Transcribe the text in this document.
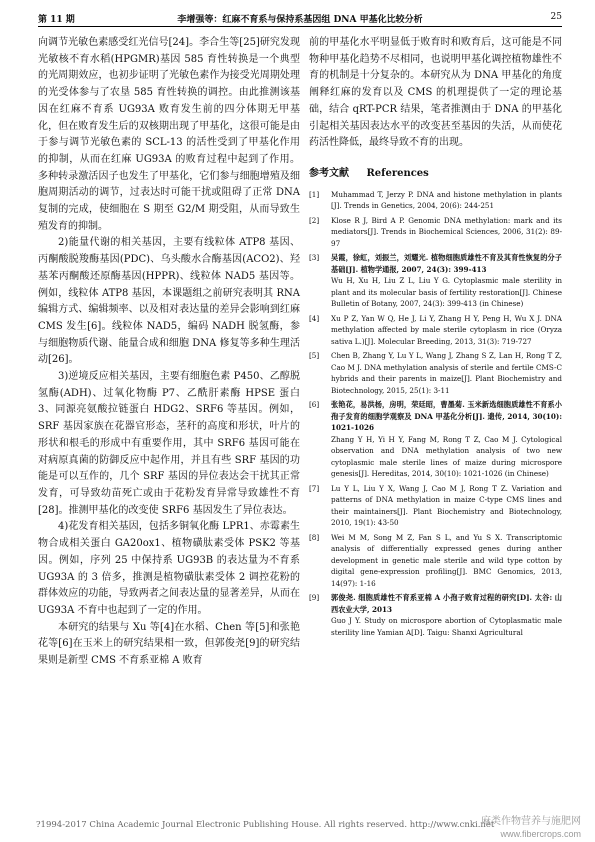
第 11 期	李增强等：红麻不育系与保持系基因组 DNA 甲基化比较分析	25

向调节光敏色素感受红光信号[24]。李合生等[25]研究发现光敏核不育水稻(HPGMR)基因 585 育性转换是一个典型的光周期效应，也初步证明了光敏色素作为接受光周期处理的光受体参与了农垦 585 育性转换的调控。由此推测该基因在红麻不育系 UG93A 败育发生前的四分体期无甲基化，但在败育发生后的双核期出现了甲基化，这很可能是由于参与调节光敏色素的 SCL-13 的活性受到了甲基化作用的抑制，从而在红麻 UG93A 的败育过程中起到了作用。多种转录激活因子也发生了甲基化，它们参与细胞增殖及细胞周期活动的调节，过表达时可能干扰或阻碍了正常 DNA 复制的完成，使细胞在 S 期至 G2/M 期受阻，从而导致生殖发育的抑制。

2)能量代谢的相关基因，主要有线粒体 ATP8 基因、丙酮酸脱羧酶基因(PDC)、乌头酸水合酶基因(ACO2)、羟基苯丙酮酸还原酶基因(HPPR)、线粒体 NAD5 基因等。例如，线粒体 ATP8 基因，本课题组之前研究表明其 RNA 编辑方式、编辑频率、以及相对表达量的差异会影响到红麻 CMS 发生[6]。线粒体 NAD5，编码 NADH 脱氢酶，参与细胞物质代谢、能量合成和细胞 DNA 修复等多种生理活动[26]。

3)逆境反应相关基因，主要有细胞色素 P450、乙醇脱氢酶(ADH)、过氧化物酶 P7、乙酰肝素酶 HPSE 蛋白 3、同源亮氨酸拉链蛋白 HDG2、SRF6 等基因。例如，SRF 基因家族在花器官形态，茎秆的高度和形状，叶片的形状和根毛的形成中有重要作用，其中 SRF6 基因可能在对病原真菌的防御反应中起作用，并且有些 SRF 基因的功能是可以互作的，几个 SRF 基因的异位表达会干扰其正常发育，可导致幼苗死亡或由于花粉发育异常导致雄性不育[28]。推测甲基化的改变使 SRF6 基因发生了异位表达。

4)花发育相关基因，包括多铜氧化酶 LPR1、赤霉素生物合成相关蛋白 GA20ox1、植物磺肽素受体 PSK2 等基因。例如，序列 25 中保持系 UG93B 的表达量为不育系 UG93A 的 3 倍多，推测是植物磺肽素受体 2 调控花粉的群体效应的功能，导致两者之间表达量的显著差异，从而在 UG93A 不育中也起到了一定的作用。

本研究的结果与 Xu 等[4]在水稻、Chen 等[5]和张艳花等[6]在玉米上的研究结果相一致，但郭俊尧[9]的研究结果则是新型 CMS 不育系亚棉 A 败育

前的甲基化水平明显低于败育时和败育后，这可能是不同物种甲基化趋势不尽相同，也说明甲基化调控植物雄性不育的机制是十分复杂的。本研究从为 DNA 甲基化的角度阐释红麻的发育以及 CMS 的机理提供了一定的理论基础，结合 qRT-PCR 结果，笔者推测由于 DNA 的甲基化引起相关基因表达水平的改变甚至基因的失活，从而使花药活性降低，最终导致不育的出现。

参考文献 References
[1] Muhammad T, Jerzy P. DNA and histone methylation in plants [J]. Trends in Genetics, 2004, 20(6): 244-251
[2] Klose R J, Bird A P. Genomic DNA methylation: mark and its mediators[J]. Trends in Biochemical Sciences, 2006, 31(2): 89-97
[3] 吴霞，徐虹，刘振兰，刘耀光. 植物细胞质雄性不育及其育性恢复的分子基础[J]. 植物学通报, 2007, 24(3): 399-413
Wu H, Xu H, Liu Z L, Liu Y G. Cytoplasmic male sterility in plant and its molecular basis of fertility restoration[J]. Chinese Bulletin of Botany, 2007, 24(3): 399-413 (in Chinese)
[4] Xu P Z, Yan W Q, He J, Li Y, Zhang H Y, Peng H, Wu X J. DNA methylation affected by male sterile cytoplasm in rice (Oryza sativa L.)[J]. Molecular Breeding, 2013, 31(3): 719-727
[5] Chen B, Zhang Y, Lu Y L, Wang J, Zhang S Z, Lan H, Rong T Z, Cao M J. DNA methylation analysis of sterile and fertile CMS-C hybrids and their parents in maize[J]. Plant Biochemistry and Biotechnology, 2015, 25(1): 3-11
[6] 张艳花，易洪杨，房明，荣廷昭，曹墨菊. 玉米新选细胞质雄性不育系小孢子发育的细胞学观察及 DNA 甲基化分析[J]. 遗传, 2014, 30(10): 1021-1026
Zhang Y H, Yi H Y, Fang M, Rong T Z, Cao M J. Cytological observation and DNA methylation analysis of two new cytoplasmic male sterile lines of maize during microspore genesis[J]. Hereditas, 2014, 30(10): 1021-1026 (in Chinese)
[7] Lu Y L, Liu Y X, Wang J, Cao M J, Rong T Z. Variation and patterns of DNA methylation in maize C-type CMS lines and their maintainers[J]. Plant Biochemistry and Biotechnology, 2010, 19(1): 43-50
[8] Wei M M, Song M Z, Fan S L, and Yu S X. Transcriptomic analysis of differentially expressed genes during anther development in genetic male sterile and wild type cotton by digital gene-expression profiling[J]. BMC Genomics, 2013, 14(97): 1-16
[9] 郭俊尧. 细胞质雄性不育系亚棉 A 小孢子败育过程的研究[D]. 太谷: 山西农业大学, 2013
Guo J Y. Study on microspore abortion of Cytoplasmatic male sterility line Yamian A[D]. Taigu: Shanxi Agricultural
?1994-2017 China Academic Journal Electronic Publishing House. All rights reserved. http://www.cnki.net
麻类作物营养与施肥网
www.fibercrops.com
